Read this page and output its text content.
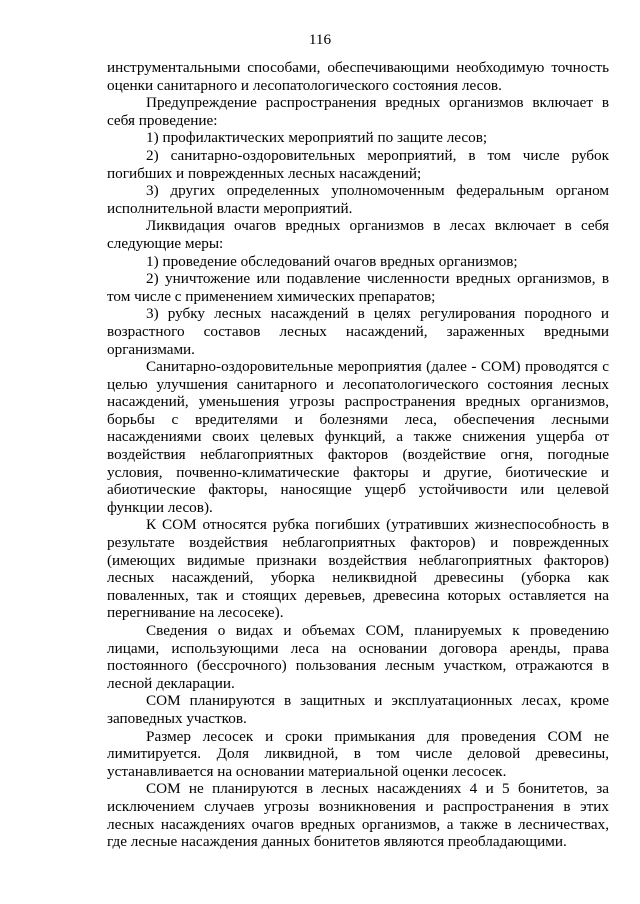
116

инструментальными способами, обеспечивающими необходимую точность оценки санитарного и лесопатологического состояния лесов.

Предупреждение распространения вредных организмов включает в себя проведение:

1) профилактических мероприятий по защите лесов;

2) санитарно-оздоровительных мероприятий, в том числе рубок погибших и поврежденных лесных насаждений;

3) других определенных уполномоченным федеральным органом исполнительной власти мероприятий.

Ликвидация очагов вредных организмов в лесах включает в себя следующие меры:

1) проведение обследований очагов вредных организмов;

2) уничтожение или подавление численности вредных организмов, в том числе с применением химических препаратов;

3) рубку лесных насаждений в целях регулирования породного и возрастного составов лесных насаждений, зараженных вредными организмами.

Санитарно-оздоровительные мероприятия (далее - СОМ) проводятся с целью улучшения санитарного и лесопатологического состояния лесных насаждений, уменьшения угрозы распространения вредных организмов, борьбы с вредителями и болезнями леса, обеспечения лесными насаждениями своих целевых функций, а также снижения ущерба от воздействия неблагоприятных факторов (воздействие огня, погодные условия, почвенно-климатические факторы и другие, биотические и абиотические факторы, наносящие ущерб устойчивости или целевой функции лесов).

К СОМ относятся рубка погибших (утративших жизнеспособность в результате воздействия неблагоприятных факторов) и поврежденных (имеющих видимые признаки воздействия неблагоприятных факторов) лесных насаждений, уборка неликвидной древесины (уборка как поваленных, так и стоящих деревьев, древесина которых оставляется на перегнивание на лесосеке).

Сведения о видах и объемах СОМ, планируемых к проведению лицами, использующими леса на основании договора аренды, права постоянного (бессрочного) пользования лесным участком, отражаются в лесной декларации.

СОМ планируются в защитных и эксплуатационных лесах, кроме заповедных участков.

Размер лесосек и сроки примыкания для проведения СОМ не лимитируется. Доля ликвидной, в том числе деловой древесины, устанавливается на основании материальной оценки лесосек.

СОМ не планируются в лесных насаждениях 4 и 5 бонитетов, за исключением случаев угрозы возникновения и распространения в этих лесных насаждениях очагов вредных организмов, а также в лесничествах, где лесные насаждения данных бонитетов являются преобладающими.
